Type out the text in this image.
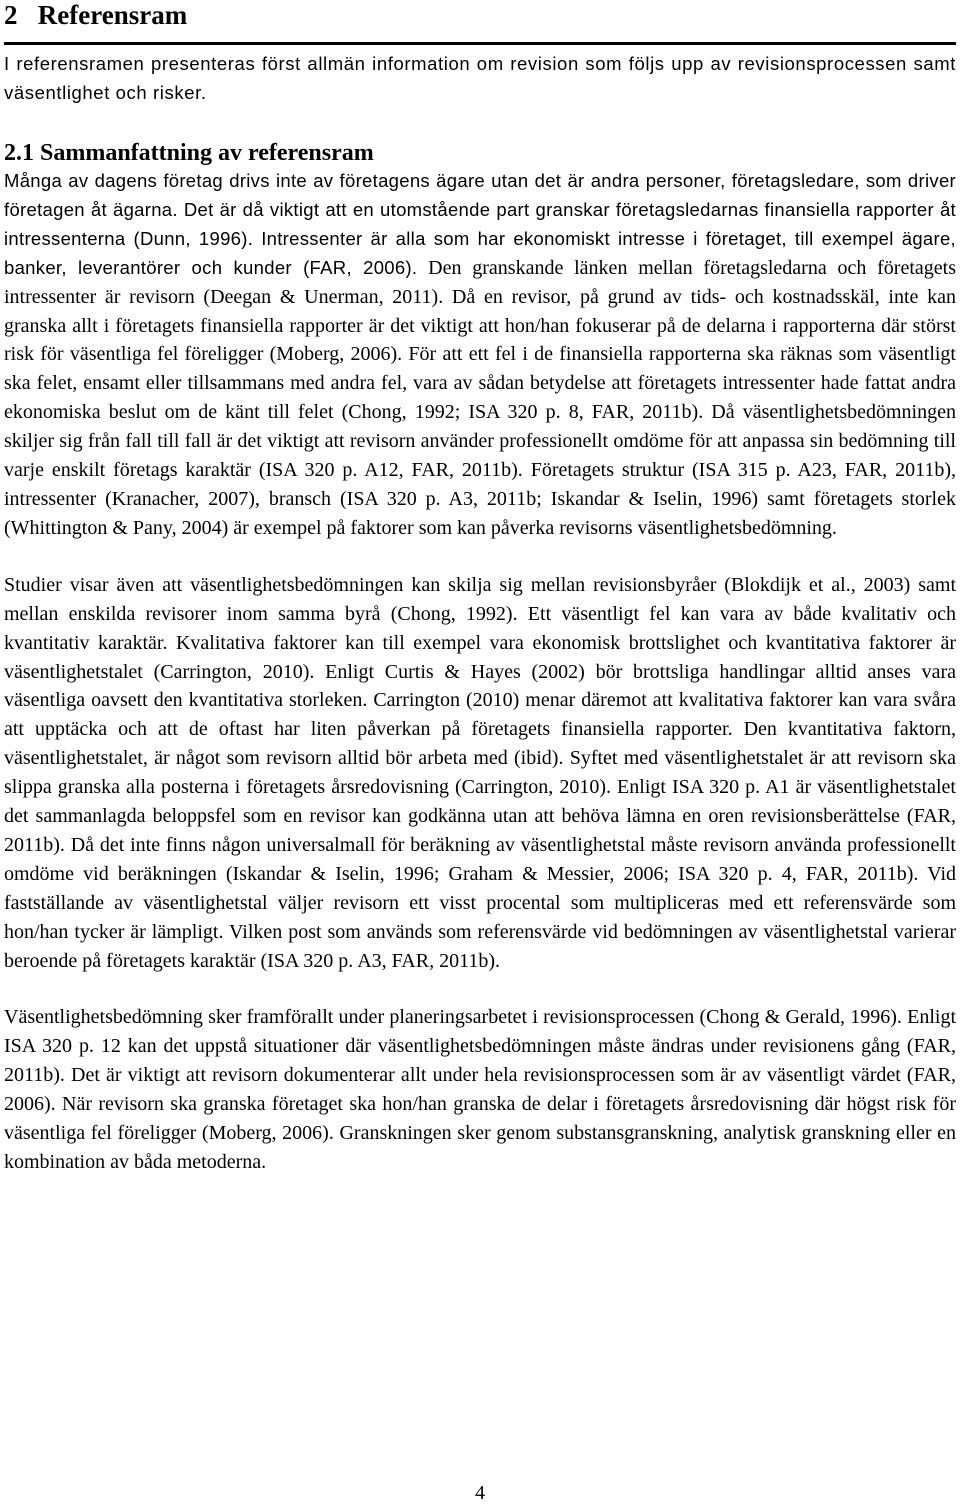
2 Referensram

I referensramen presenteras först allmän information om revision som följs upp av revisionsprocessen samt väsentlighet och risker.

2.1 Sammanfattning av referensram

Många av dagens företag drivs inte av företagens ägare utan det är andra personer, företagsledare, som driver företagen åt ägarna. Det är då viktigt att en utomstående part granskar företagsledarnas finansiella rapporter åt intressenterna (Dunn, 1996). Intressenter är alla som har ekonomiskt intresse i företaget, till exempel ägare, banker, leverantörer och kunder (FAR, 2006). Den granskande länken mellan företagsledarna och företagets intressenter är revisorn (Deegan & Unerman, 2011). Då en revisor, på grund av tids- och kostnadsskäl, inte kan granska allt i företagets finansiella rapporter är det viktigt att hon/han fokuserar på de delarna i rapporterna där störst risk för väsentliga fel föreligger (Moberg, 2006). För att ett fel i de finansiella rapporterna ska räknas som väsentligt ska felet, ensamt eller tillsammans med andra fel, vara av sådan betydelse att företagets intressenter hade fattat andra ekonomiska beslut om de känt till felet (Chong, 1992; ISA 320 p. 8, FAR, 2011b). Då väsentlighetsbedömningen skiljer sig från fall till fall är det viktigt att revisorn använder professionellt omdöme för att anpassa sin bedömning till varje enskilt företags karaktär (ISA 320 p. A12, FAR, 2011b). Företagets struktur (ISA 315 p. A23, FAR, 2011b), intressenter (Kranacher, 2007), bransch (ISA 320 p. A3, 2011b; Iskandar & Iselin, 1996) samt företagets storlek (Whittington & Pany, 2004) är exempel på faktorer som kan påverka revisorns väsentlighetsbedömning.

Studier visar även att väsentlighetsbedömningen kan skilja sig mellan revisionsbyråer (Blokdijk et al., 2003) samt mellan enskilda revisorer inom samma byrå (Chong, 1992). Ett väsentligt fel kan vara av både kvalitativ och kvantitativ karaktär. Kvalitativa faktorer kan till exempel vara ekonomisk brottslighet och kvantitativa faktorer är väsentlighetstalet (Carrington, 2010). Enligt Curtis & Hayes (2002) bör brottsliga handlingar alltid anses vara väsentliga oavsett den kvantitativa storleken. Carrington (2010) menar däremot att kvalitativa faktorer kan vara svåra att upptäcka och att de oftast har liten påverkan på företagets finansiella rapporter. Den kvantitativa faktorn, väsentlighetstalet, är något som revisorn alltid bör arbeta med (ibid). Syftet med väsentlighetstalet är att revisorn ska slippa granska alla posterna i företagets årsredovisning (Carrington, 2010). Enligt ISA 320 p. A1 är väsentlighetstalet det sammanlagda beloppsfel som en revisor kan godkänna utan att behöva lämna en oren revisionsberättelse (FAR, 2011b). Då det inte finns någon universalmall för beräkning av väsentlighetstal måste revisorn använda professionellt omdöme vid beräkningen (Iskandar & Iselin, 1996; Graham & Messier, 2006; ISA 320 p. 4, FAR, 2011b). Vid fastställande av väsentlighetstal väljer revisorn ett visst procental som multipliceras med ett referensvärde som hon/han tycker är lämpligt. Vilken post som används som referensvärde vid bedömningen av väsentlighetstal varierar beroende på företagets karaktär (ISA 320 p. A3, FAR, 2011b).

Väsentlighetsbedömning sker framförallt under planeringsarbetet i revisionsprocessen (Chong & Gerald, 1996). Enligt ISA 320 p. 12 kan det uppstå situationer där väsentlighetsbedömningen måste ändras under revisionens gång (FAR, 2011b). Det är viktigt att revisorn dokumenterar allt under hela revisionsprocessen som är av väsentligt värdet (FAR, 2006). När revisorn ska granska företaget ska hon/han granska de delar i företagets årsredovisning där högst risk för väsentliga fel föreligger (Moberg, 2006). Granskningen sker genom substansgranskning, analytisk granskning eller en kombination av båda metoderna.

4
